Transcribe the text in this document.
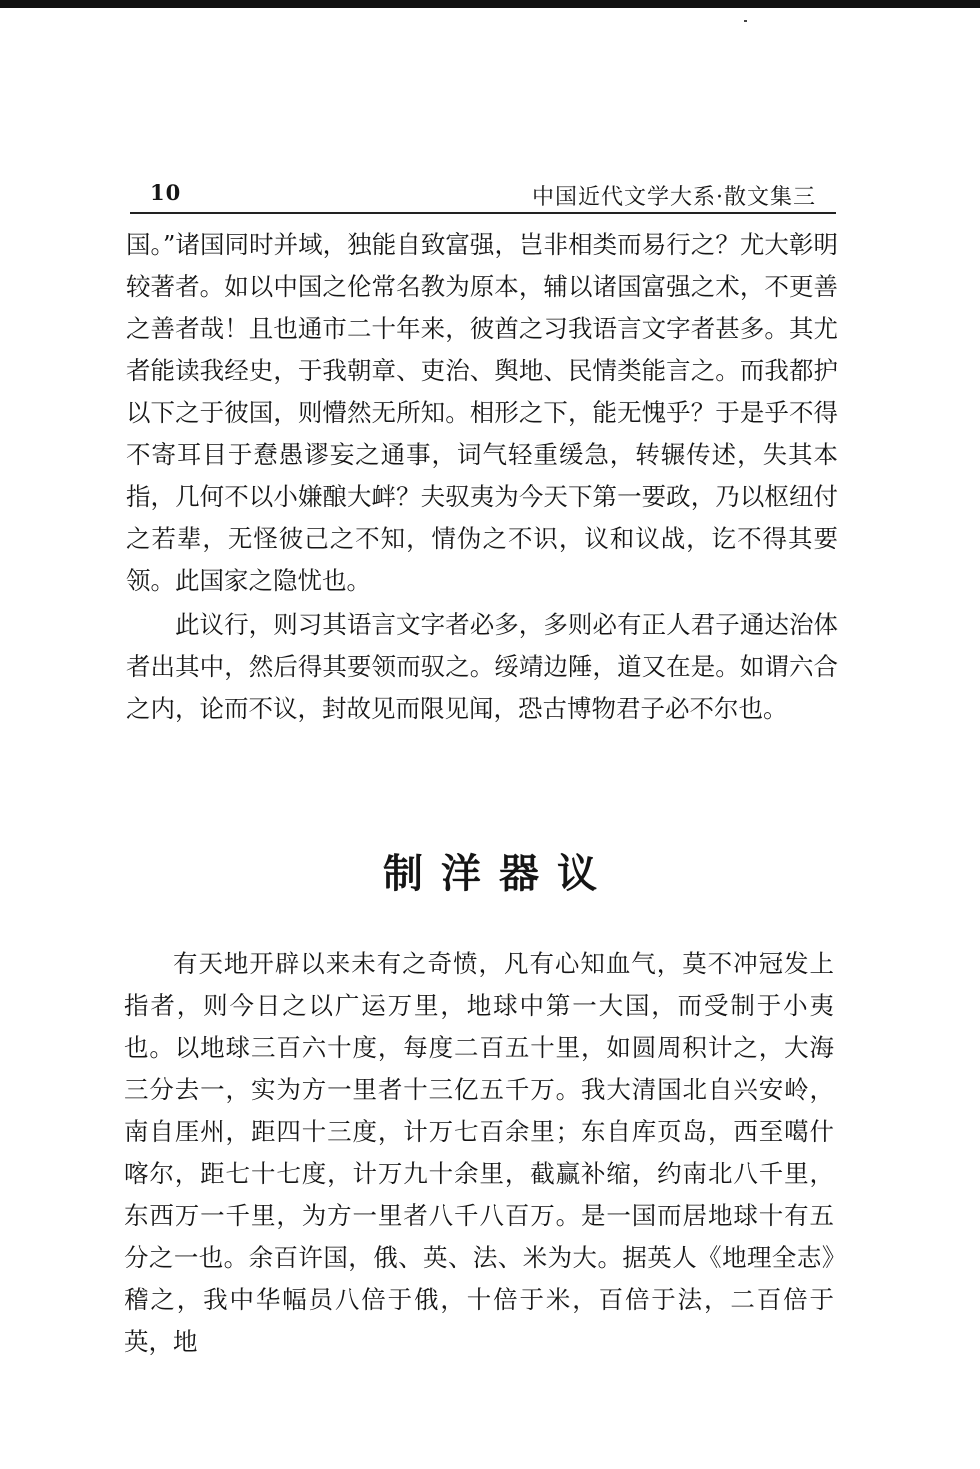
10	中国近代文学大系·散文集三

国。”诸国同时并域，独能自致富强，岂非相类而易行之？尤大彰明较著者。如以中国之伦常名教为原本，辅以诸国富强之术，不更善之善者哉！且也通市二十年来，彼酋之习我语言文字者甚多。其尤者能读我经史，于我朝章、吏治、舆地、民情类能言之。而我都护以下之于彼国，则懵然无所知。相形之下，能无愧乎？于是乎不得不寄耳目于憃愚谬妄之通事，词气轻重缓急，转辗传述，失其本指，几何不以小嫌酿大衅？夫驭夷为今天下第一要政，乃以枢纽付之若辈，无怪彼己之不知，情伪之不识，议和议战，讫不得其要领。此国家之隐忧也。

此议行，则习其语言文字者必多，多则必有正人君子通达治体者出其中，然后得其要领而驭之。绥靖边陲，道又在是。如谓六合之内，论而不议，封故见而限见闻，恐古博物君子必不尔也。

制洋器议

有天地开辟以来未有之奇愤，凡有心知血气，莫不冲冠发上指者，则今日之以广运万里，地球中第一大国，而受制于小夷也。以地球三百六十度，每度二百五十里，如圆周积计之，大海三分去一，实为方一里者十三亿五千万。我大清国北自兴安岭，南自厓州，距四十三度，计万七百余里；东自库页岛，西至噶什喀尔，距七十七度，计万九十余里，截赢补缩，约南北八千里，东西万一千里，为方一里者八千八百万。是一国而居地球十有五分之一也。余百许国，俄、英、法、米为大。据英人《地理全志》稽之，我中华幅员八倍于俄，十倍于米，百倍于法，二百倍于英，地
